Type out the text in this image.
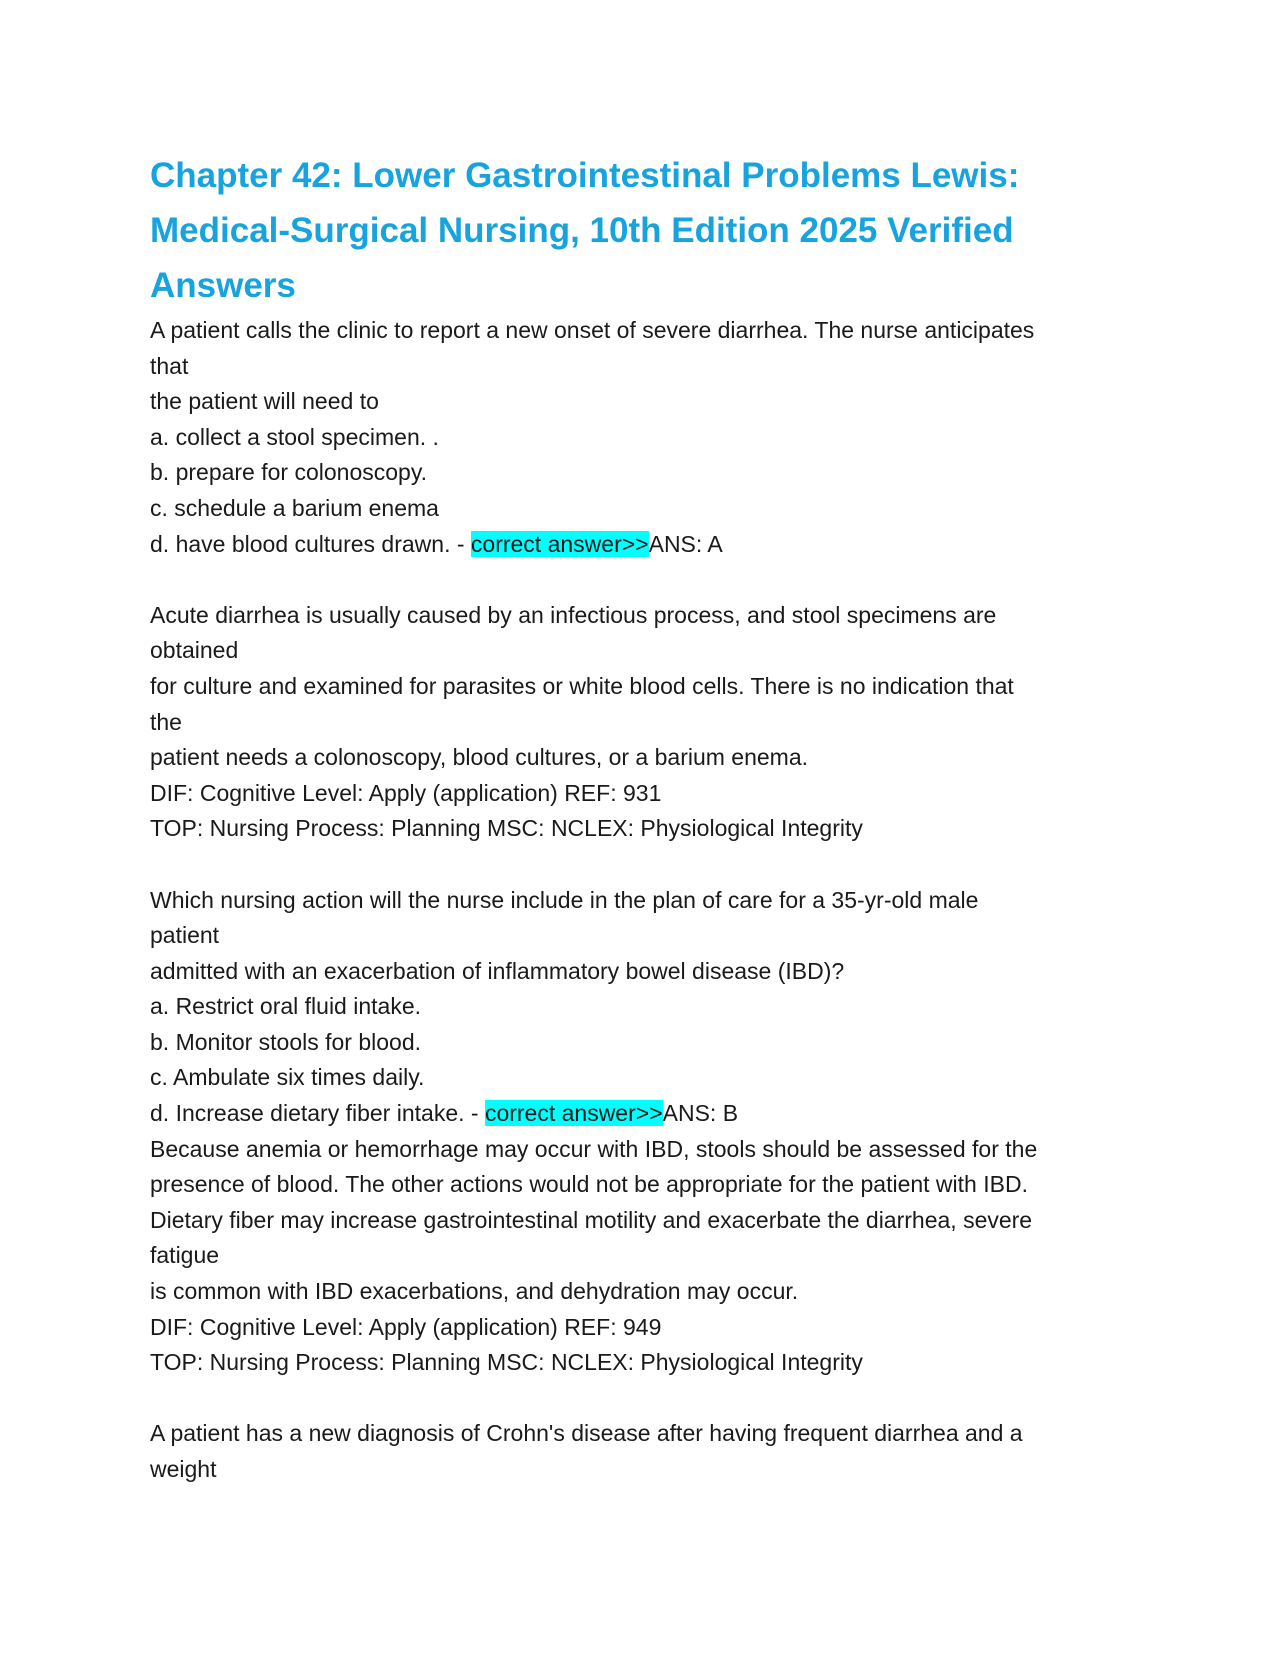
Chapter 42: Lower Gastrointestinal Problems Lewis:
Medical-Surgical Nursing, 10th Edition 2025 Verified
Answers
A patient calls the clinic to report a new onset of severe diarrhea. The nurse anticipates
that
the patient will need to
a. collect a stool specimen. .
b. prepare for colonoscopy.
c. schedule a barium enema
d. have blood cultures drawn. - correct answer>>ANS: A
Acute diarrhea is usually caused by an infectious process, and stool specimens are
obtained
for culture and examined for parasites or white blood cells. There is no indication that
the
patient needs a colonoscopy, blood cultures, or a barium enema.
DIF: Cognitive Level: Apply (application) REF: 931
TOP: Nursing Process: Planning MSC: NCLEX: Physiological Integrity
Which nursing action will the nurse include in the plan of care for a 35-yr-old male
patient
admitted with an exacerbation of inflammatory bowel disease (IBD)?
a. Restrict oral fluid intake.
b. Monitor stools for blood.
c. Ambulate six times daily.
d. Increase dietary fiber intake. - correct answer>>ANS: B
Because anemia or hemorrhage may occur with IBD, stools should be assessed for the
presence of blood. The other actions would not be appropriate for the patient with IBD.
Dietary fiber may increase gastrointestinal motility and exacerbate the diarrhea, severe
fatigue
is common with IBD exacerbations, and dehydration may occur.
DIF: Cognitive Level: Apply (application) REF: 949
TOP: Nursing Process: Planning MSC: NCLEX: Physiological Integrity
A patient has a new diagnosis of Crohn's disease after having frequent diarrhea and a
weight
